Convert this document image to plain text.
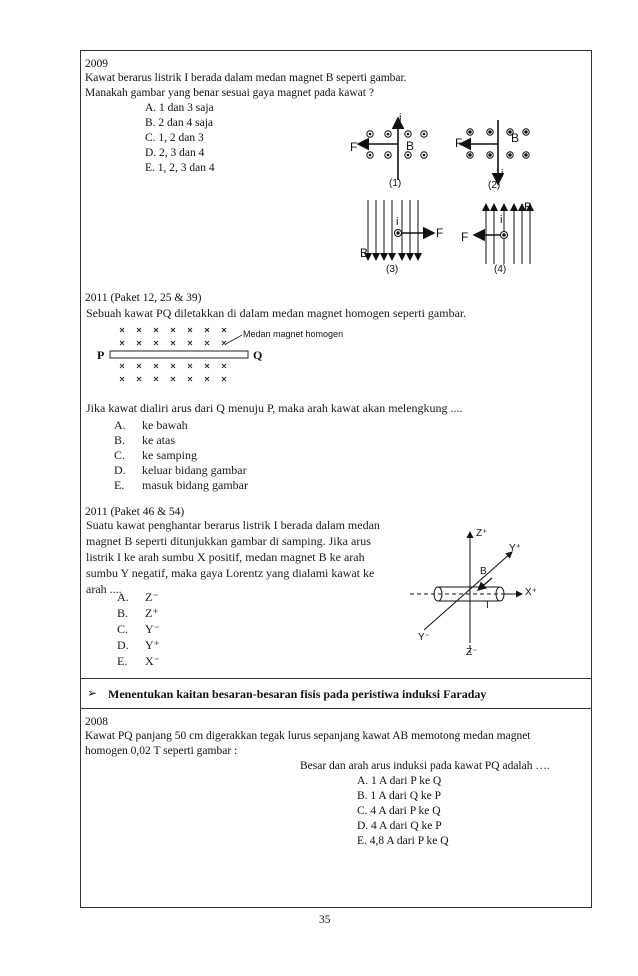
2009
Kawat berarus listrik I berada dalam medan magnet B seperti gambar.
Manakah gambar yang benar sesuai gaya magnet pada kawat ?
A. 1 dan 3 saja
B. 2 dan 4 saja
C. 1, 2 dan 3
D. 2, 3 dan 4
E. 1, 2, 3 dan 4
i
F	B
(1)
F	B
i
(2)
i
F
B
(3)
B
i
F
(4)
2011 (Paket 12, 25 & 39)
Sebuah kawat PQ diletakkan di dalam medan magnet homogen seperti gambar.
Medan magnet homogen
P	Q
Jika kawat dialiri arus dari Q menuju P, maka arah kawat akan melengkung ....
A. ke bawah
B. ke atas
C. ke samping
D. keluar bidang gambar
E. masuk bidang gambar
2011 (Paket 46 & 54)
Suatu kawat penghantar berarus listrik I berada dalam medan
magnet B seperti ditunjukkan gambar di samping. Jika arus
listrik I ke arah sumbu X positif, medan magnet B ke arah
sumbu Y negatif, maka gaya Lorentz yang dialami kawat ke
arah ....
A. Z⁻
B. Z⁺
C. Y⁻
D. Y⁺
E. X⁻
Z⁺
Y⁺
B
X⁺
I
Y⁻
Z⁻
➢ Menentukan kaitan besaran-besaran fisis pada peristiwa induksi Faraday
2008
Kawat PQ panjang 50 cm digerakkan tegak lurus sepanjang kawat AB memotong medan magnet
homogen 0,02 T seperti gambar :
Besar dan arah arus induksi pada kawat PQ adalah ….
A. 1 A dari P ke Q
B. 1 A dari Q ke P
C. 4 A dari P ke Q
D. 4 A dari Q ke P
E. 4,8 A dari P ke Q
35
